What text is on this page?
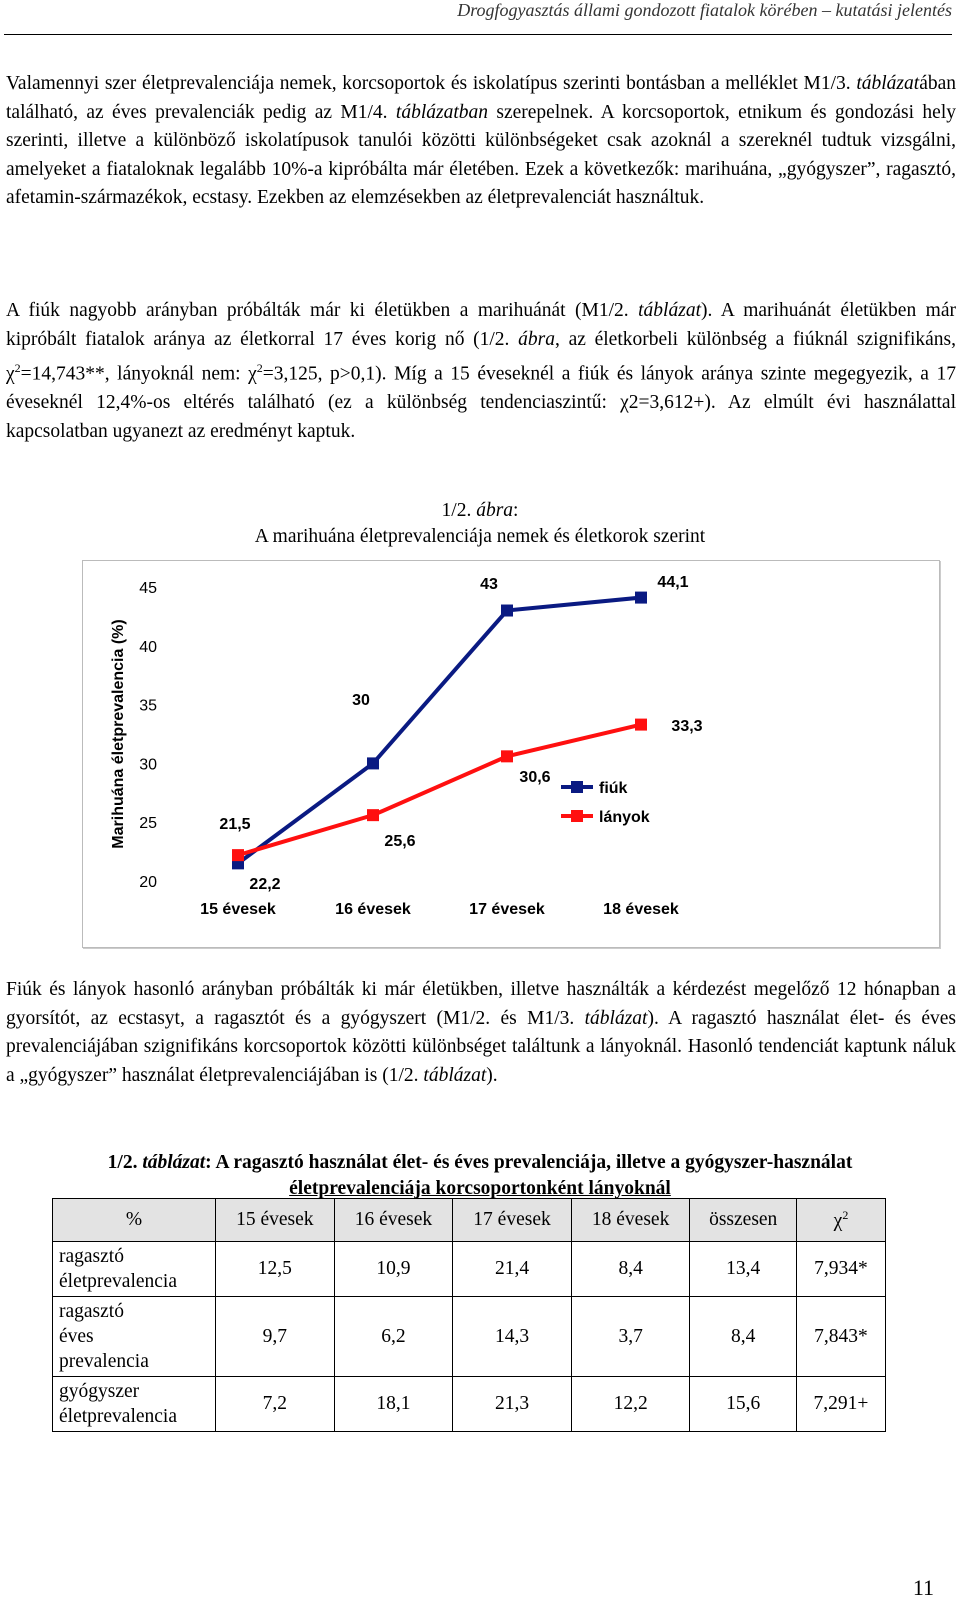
Drogfogyasztás állami gondozott fiatalok körében – kutatási jelentés
Valamennyi szer életprevalenciája nemek, korcsoportok és iskolatípus szerinti bontásban a melléklet M1/3. táblázatában található, az éves prevalenciák pedig az M1/4. táblázatban szerepelnek. A korcsoportok, etnikum és gondozási hely szerinti, illetve a különböző iskolatípusok tanulói közötti különbségeket csak azoknál a szereknél tudtuk vizsgálni, amelyeket a fiataloknak legalább 10%-a kipróbálta már életében. Ezek a következők: marihuána, „gyógyszer”, ragasztó, afetamin-származékok, ecstasy. Ezekben az elemzésekben az életprevalenciát használtuk.
A fiúk nagyobb arányban próbálták már ki életükben a marihuánát (M1/2. táblázat). A marihuánát életükben már kipróbált fiatalok aránya az életkorral 17 éves korig nő (1/2. ábra, az életkorbeli különbség a fiúknál szignifikáns, $\chi^2=14,743**$, lányoknál nem: $\chi^2=3,125$, p>0,1). Míg a 15 éveseknél a fiúk és lányok aránya szinte megegyezik, a 17 éveseknél 12,4%-os eltérés található (ez a különbség tendenciaszintű: χ2=3,612+). Az elmúlt évi használattal kapcsolatban ugyanezt az eredményt kaptuk.
1/2. ábra:
A marihuána életprevalenciája nemek és életkorok szerint
Marihuána életprevalencia (%)
20
25
30
35
40
45
15 évesek	16 évesek	17 évesek	18 évesek
21,5
30
43	44,1
22,2
25,6
30,6
33,3
fiúk
lányok
Fiúk és lányok hasonló arányban próbálták ki már életükben, illetve használták a kérdezést megelőző 12 hónapban a gyorsítót, az ecstasyt, a ragasztót és a gyógyszert (M1/2. és M1/3. táblázat). A ragasztó használat élet- és éves prevalenciájában szignifikáns korcsoportok közötti különbséget találtunk a lányoknál. Hasonló tendenciát kaptunk náluk a „gyógyszer” használat életprevalenciájában is (1/2. táblázat).
1/2. táblázat: A ragasztó használat élet- és éves prevalenciája, illetve a gyógyszer-használat
életprevalenciája korcsoportonként lányoknál
%	15 évesek	16 évesek	17 évesek	18 évesek	összesen	$\chi^2$
ragasztó
életprevalencia	12,5	10,9	21,4	8,4	13,4	7,934*
ragasztó
éves
prevalencia	9,7	6,2	14,3	3,7	8,4	7,843*
gyógyszer
életprevalencia	7,2	18,1	21,3	12,2	15,6	7,291+
11
